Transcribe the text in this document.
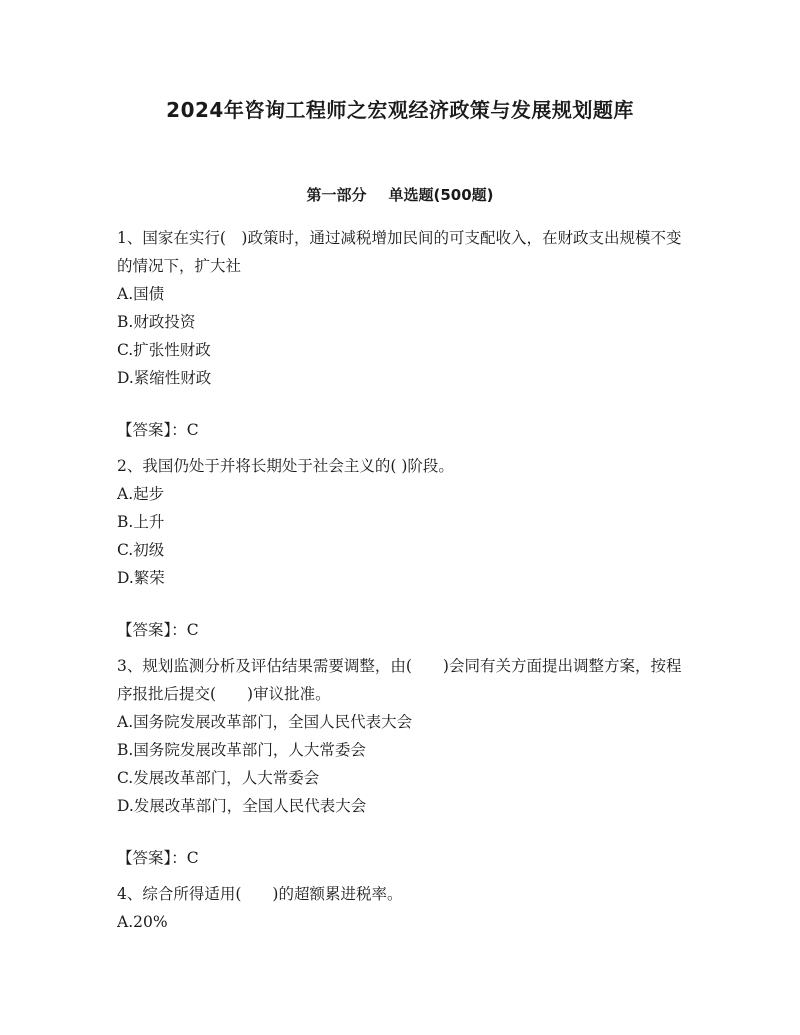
2024年咨询工程师之宏观经济政策与发展规划题库
第一部分 单选题(500题)

1、国家在实行(　)政策时，通过减税增加民间的可支配收入，在财政支出规模不变的情况下，扩大社

A.国债

B.财政投资

C.扩张性财政

D.紧缩性财政

【答案】：C

2、我国仍处于并将长期处于社会主义的( )阶段。

A.起步

B.上升

C.初级

D.繁荣

【答案】：C

3、规划监测分析及评估结果需要调整，由(　　)会同有关方面提出调整方案，按程序报批后提交(　　)审议批准。

A.国务院发展改革部门，全国人民代表大会

B.国务院发展改革部门，人大常委会

C.发展改革部门，人大常委会

D.发展改革部门，全国人民代表大会

【答案】：C

4、综合所得适用(　　)的超额累进税率。

A.20%
